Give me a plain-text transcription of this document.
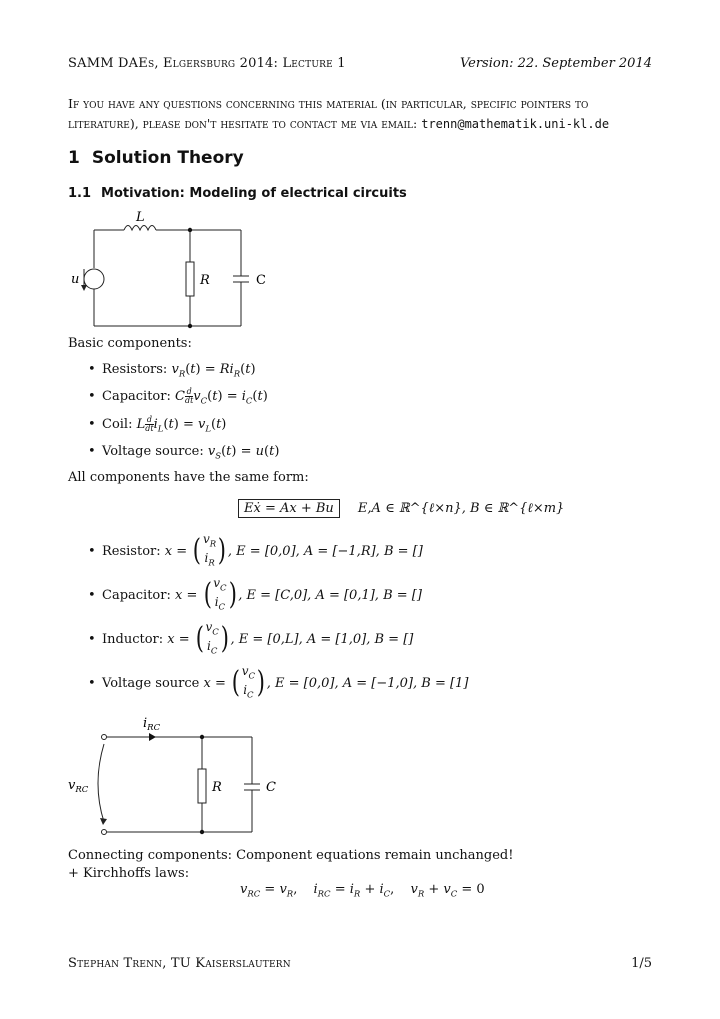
SAMM DAEs, Elgersburg 2014: Lecture 1	Version: 22. September 2014
If you have any questions concerning this material (in particular, specific pointers to literature), please don't hesitate to contact me via email: trenn@mathematik.uni-kl.de
1 Solution Theory
1.1 Motivation: Modeling of electrical circuits
L
u	R	C
Basic components:
• Resistors: $v_R(t) = Ri_R(t)$
• Capacitor: C $\frac{d}{dt} v_C(t) = i_C(t)$
• Coil: L $\frac{d}{dt} i_L(t) = v_L(t)$
• Voltage source: $v_S(t) = u(t)$
All components have the same form:
Eẋ = Ax + Bu E,A ∈ ℝ^{ℓ×n}, B ∈ ℝ^{ℓ×m}
• Resistor: x = ( $v_R$
$i_R$ ) , E = [0,0], A = [−1,R], B = []
• Capacitor: x = ( $v_C$
$i_C$ ) , E = [C,0], A = [0,1], B = []
• Inductor: x = ( $v_C$
$i_C$ ) , E = [0,L], A = [1,0], B = []
• Voltage source x = ( $v_C$
$i_C$ ) , E = [0,0], A = [−1,0], B = [1]
$i_{RC}$
$v_{RC}$	R	C
Connecting components: Component equations remain unchanged!
+ Kirchhoffs laws:
$v_{RC} = v_R$, $i_{RC} = i_R + i_C$, $v_R + v_C = 0$
Stephan Trenn, TU Kaiserslautern	1/5
